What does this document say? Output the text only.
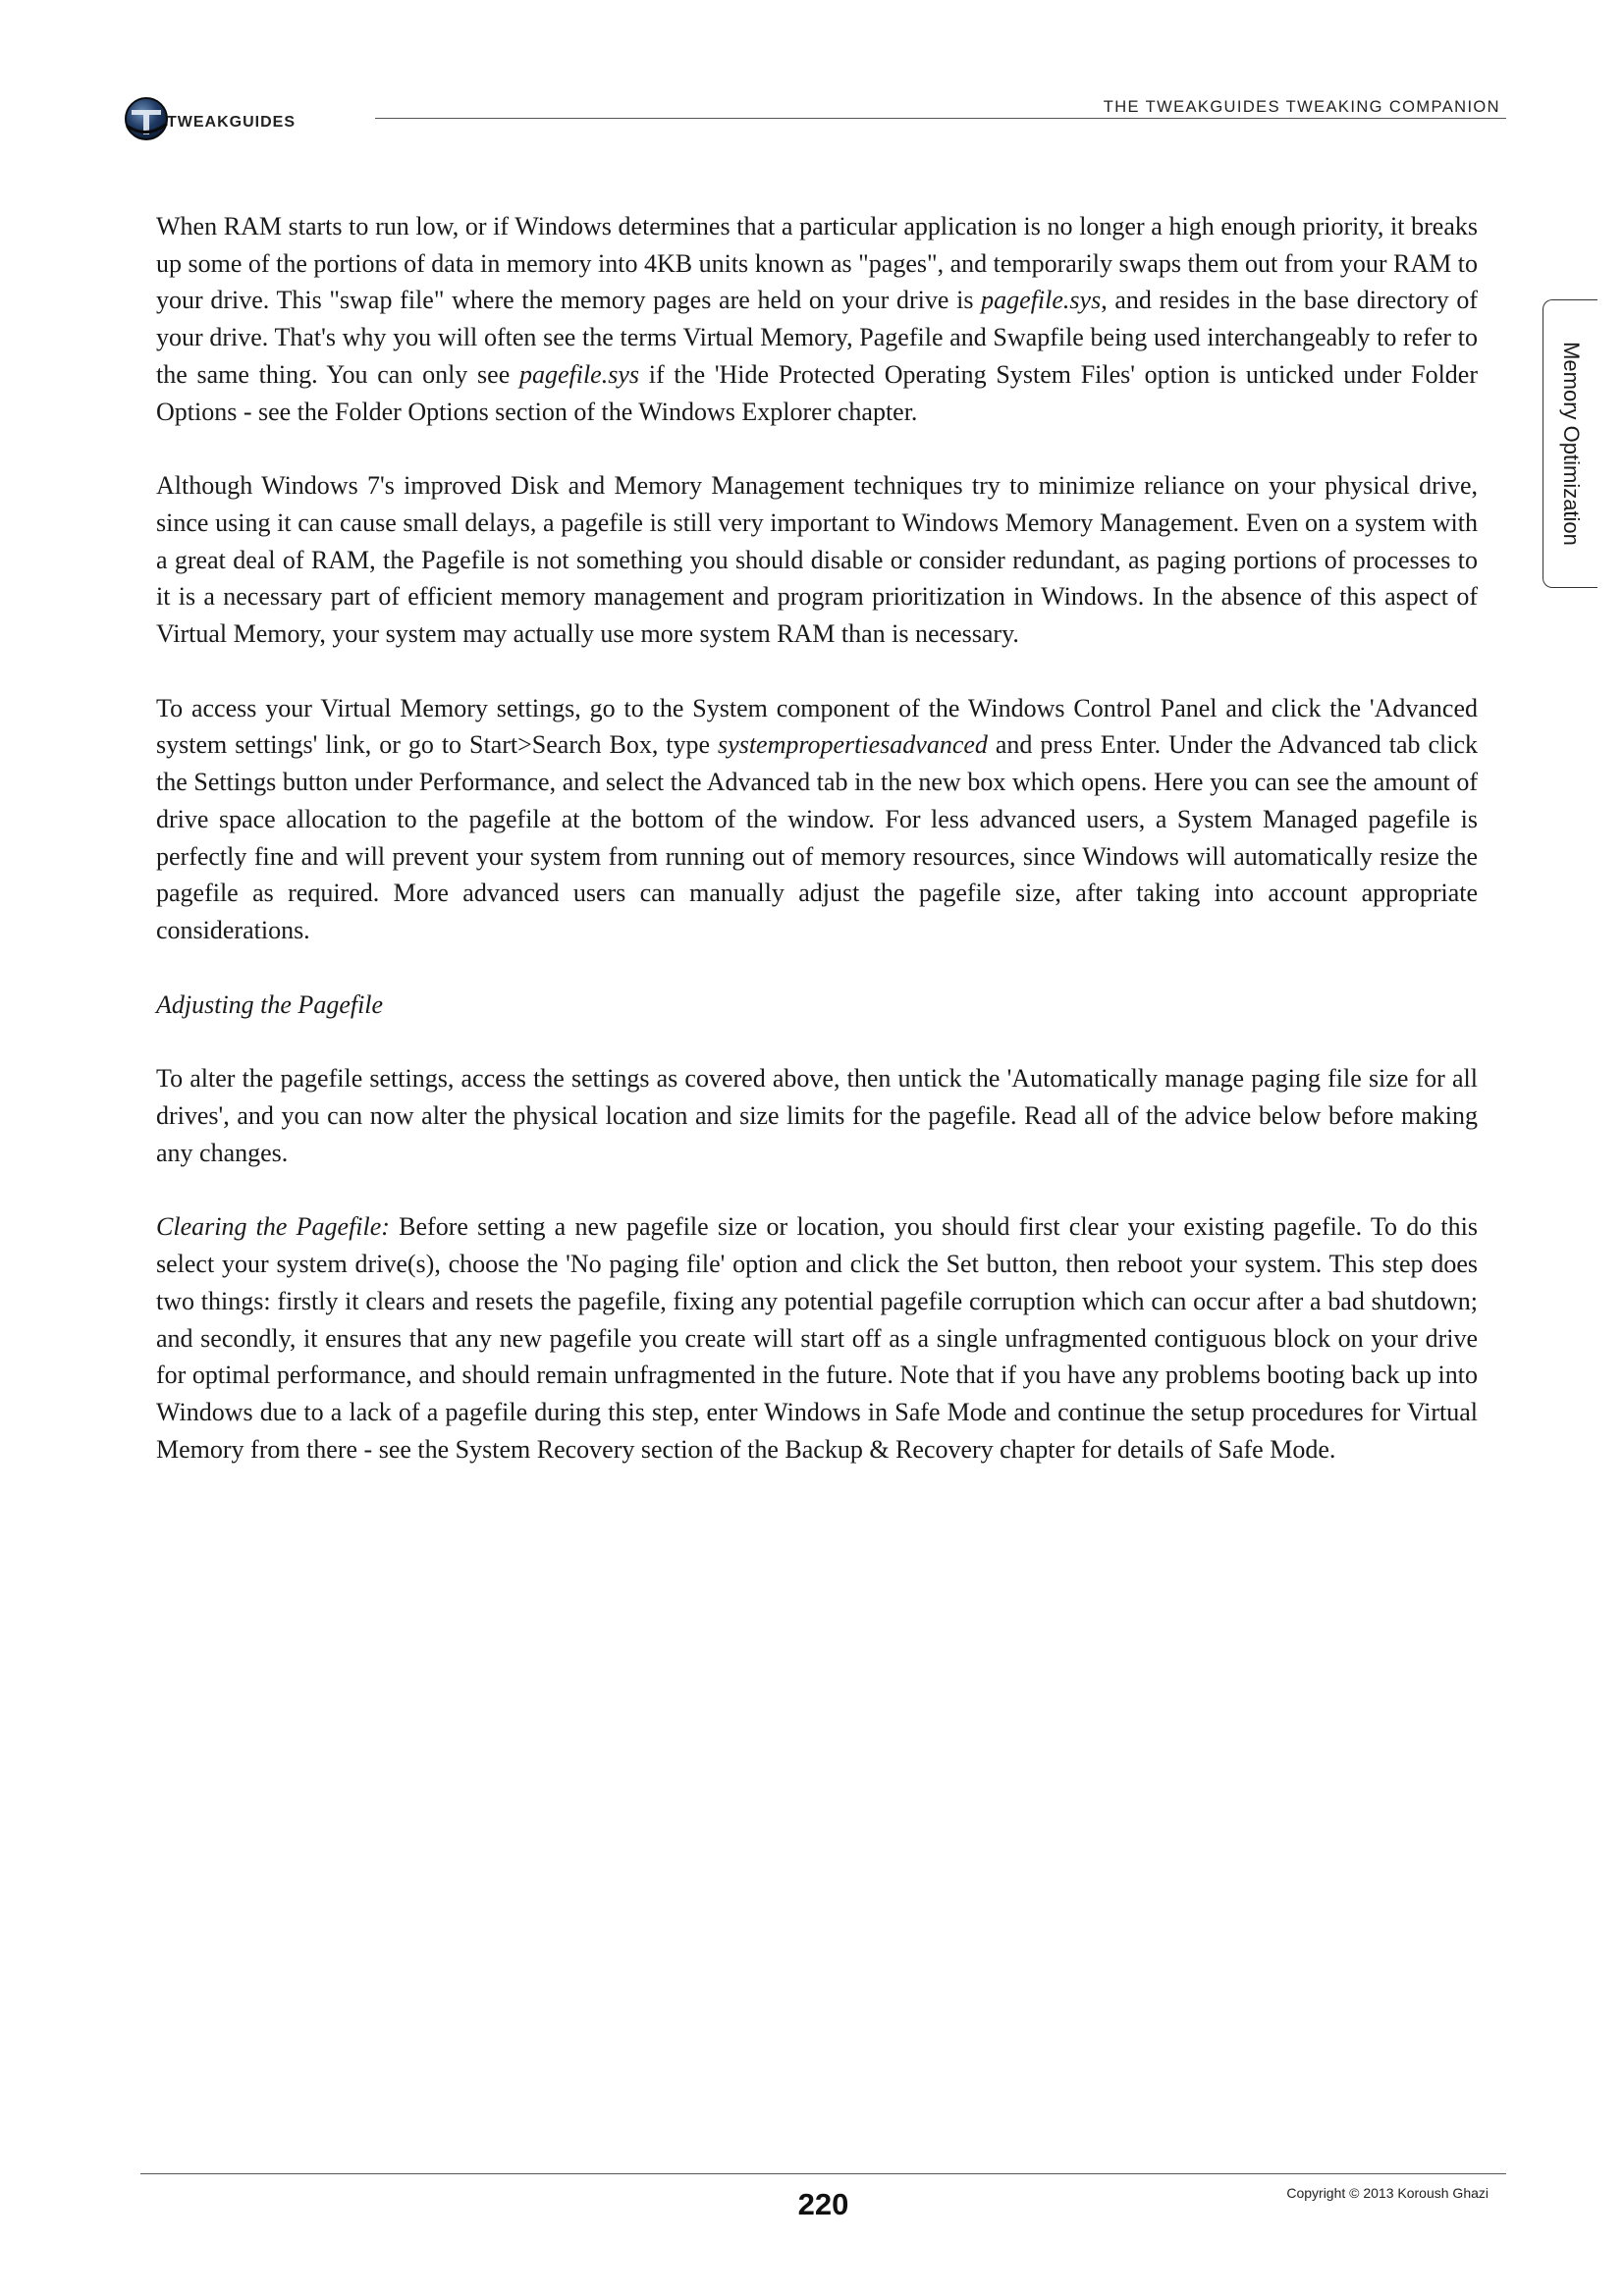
TWEAKGUIDES
THE TWEAKGUIDES TWEAKING COMPANION
Memory Optimization

When RAM starts to run low, or if Windows determines that a particular application is no longer a high enough priority, it breaks up some of the portions of data in memory into 4KB units known as "pages", and temporarily swaps them out from your RAM to your drive. This "swap file" where the memory pages are held on your drive is pagefile.sys, and resides in the base directory of your drive. That's why you will often see the terms Virtual Memory, Pagefile and Swapfile being used interchangeably to refer to the same thing. You can only see pagefile.sys if the 'Hide Protected Operating System Files' option is unticked under Folder Options - see the Folder Options section of the Windows Explorer chapter.

Although Windows 7's improved Disk and Memory Management techniques try to minimize reliance on your physical drive, since using it can cause small delays, a pagefile is still very important to Windows Memory Management. Even on a system with a great deal of RAM, the Pagefile is not something you should disable or consider redundant, as paging portions of processes to it is a necessary part of efficient memory management and program prioritization in Windows. In the absence of this aspect of Virtual Memory, your system may actually use more system RAM than is necessary.

To access your Virtual Memory settings, go to the System component of the Windows Control Panel and click the 'Advanced system settings' link, or go to Start>Search Box, type systempropertiesadvanced and press Enter. Under the Advanced tab click the Settings button under Performance, and select the Advanced tab in the new box which opens. Here you can see the amount of drive space allocation to the pagefile at the bottom of the window. For less advanced users, a System Managed pagefile is perfectly fine and will prevent your system from running out of memory resources, since Windows will automatically resize the pagefile as required. More advanced users can manually adjust the pagefile size, after taking into account appropriate considerations.

Adjusting the Pagefile

To alter the pagefile settings, access the settings as covered above, then untick the 'Automatically manage paging file size for all drives', and you can now alter the physical location and size limits for the pagefile. Read all of the advice below before making any changes.

Clearing the Pagefile: Before setting a new pagefile size or location, you should first clear your existing pagefile. To do this select your system drive(s), choose the 'No paging file' option and click the Set button, then reboot your system. This step does two things: firstly it clears and resets the pagefile, fixing any potential pagefile corruption which can occur after a bad shutdown; and secondly, it ensures that any new pagefile you create will start off as a single unfragmented contiguous block on your drive for optimal performance, and should remain unfragmented in the future. Note that if you have any problems booting back up into Windows due to a lack of a pagefile during this step, enter Windows in Safe Mode and continue the setup procedures for Virtual Memory from there - see the System Recovery section of the Backup & Recovery chapter for details of Safe Mode.

220	Copyright © 2013 Koroush Ghazi
